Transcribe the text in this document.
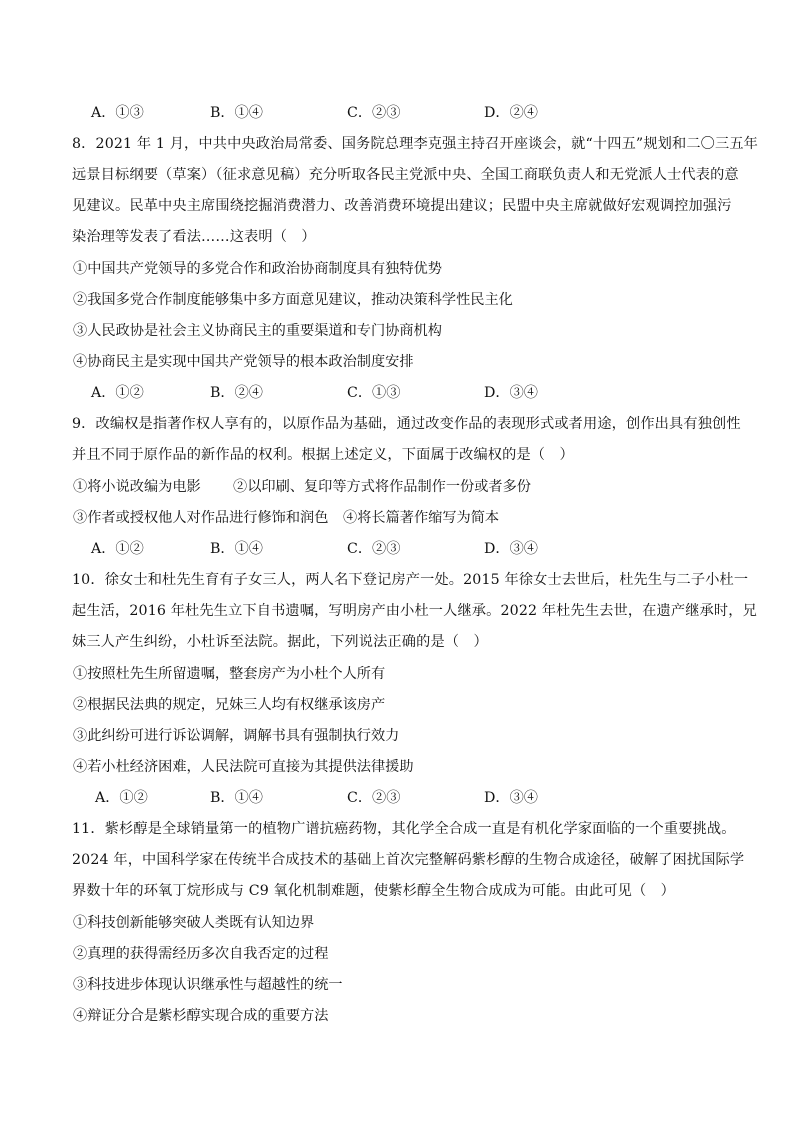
A．①③	B．①④	C．②③	D．②④
8．2021 年 1 月，中共中央政治局常委、国务院总理李克强主持召开座谈会，就“十四五”规划和二〇三五年
远景目标纲要（草案）（征求意见稿）充分听取各民主党派中央、全国工商联负责人和无党派人士代表的意
见建议。民革中央主席围绕挖掘消费潜力、改善消费环境提出建议；民盟中央主席就做好宏观调控加强污
染治理等发表了看法……这表明（　）
①中国共产党领导的多党合作和政治协商制度具有独特优势
②我国多党合作制度能够集中多方面意见建议，推动决策科学性民主化
③人民政协是社会主义协商民主的重要渠道和专门协商机构
④协商民主是实现中国共产党领导的根本政治制度安排
A．①②	B．②④	C．①③	D．③④
9．改编权是指著作权人享有的，以原作品为基础，通过改变作品的表现形式或者用途，创作出具有独创性
并且不同于原作品的新作品的权利。根据上述定义，下面属于改编权的是（　）
①将小说改编为电影 ②以印刷、复印等方式将作品制作一份或者多份
③作者或授权他人对作品进行修饰和润色 ④将长篇著作缩写为简本
A．①②	B．①④	C．②③	D．③④
10．徐女士和杜先生育有子女三人，两人名下登记房产一处。2015 年徐女士去世后，杜先生与二子小杜一
起生活，2016 年杜先生立下自书遗嘱，写明房产由小杜一人继承。2022 年杜先生去世，在遗产继承时，兄
妹三人产生纠纷，小杜诉至法院。据此，下列说法正确的是（　）
①按照杜先生所留遗嘱，整套房产为小杜个人所有
②根据民法典的规定，兄妹三人均有权继承该房产
③此纠纷可进行诉讼调解，调解书具有强制执行效力
④若小杜经济困难，人民法院可直接为其提供法律援助
A．①②	B．①④	C．②③	D．③④
11．紫杉醇是全球销量第一的植物广谱抗癌药物，其化学全合成一直是有机化学家面临的一个重要挑战。
2024 年，中国科学家在传统半合成技术的基础上首次完整解码紫杉醇的生物合成途径，破解了困扰国际学
界数十年的环氧丁烷形成与 C9 氧化机制难题，使紫杉醇全生物合成成为可能。由此可见（　）
①科技创新能够突破人类既有认知边界
②真理的获得需经历多次自我否定的过程
③科技进步体现认识继承性与超越性的统一
④辩证分合是紫杉醇实现合成的重要方法
